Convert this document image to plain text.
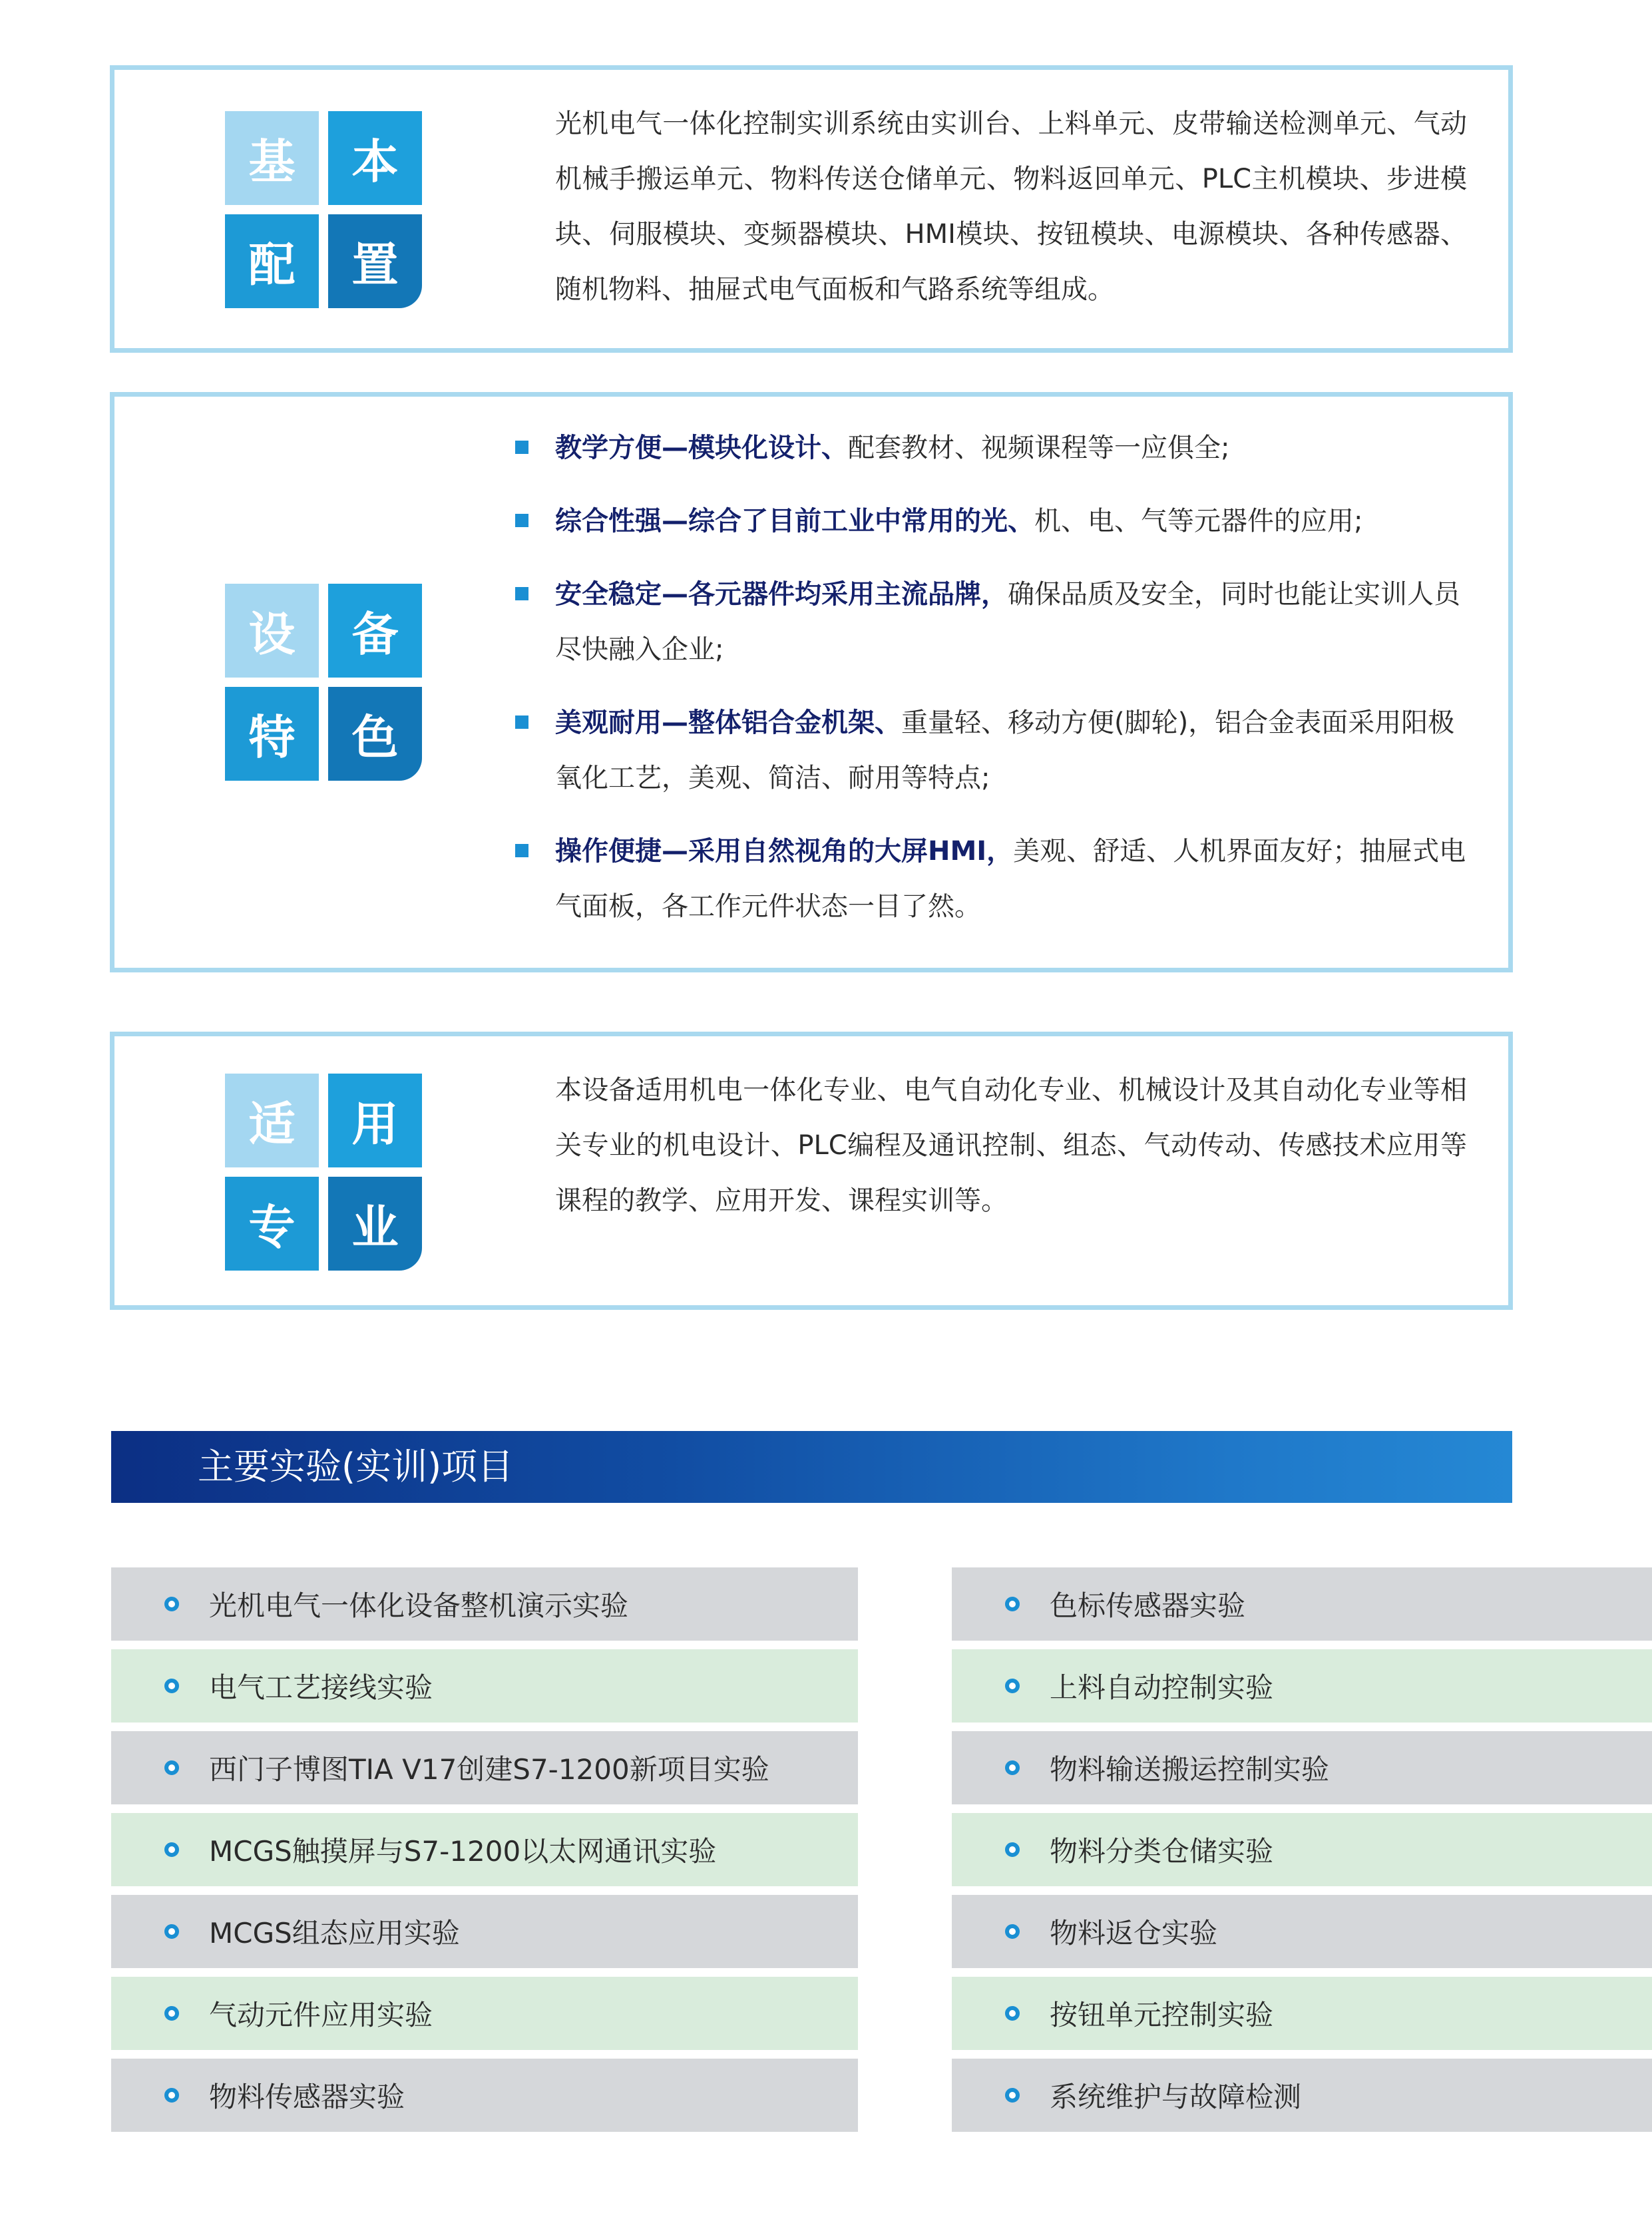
基	本
配	置
光机电气一体化控制实训系统由实训台、上料单元、皮带输送检测单元、气动机械手搬运单元、物料传送仓储单元、物料返回单元、PLC主机模块、步进模块、伺服模块、变频器模块、HMI模块、按钮模块、电源模块、各种传感器、随机物料、抽屉式电气面板和气路系统等组成。
设	备
特	色
教学方便—模块化设计、配套教材、视频课程等一应俱全;
综合性强—综合了目前工业中常用的光、机、电、气等元器件的应用;
安全稳定—各元器件均采用主流品牌，确保品质及安全，同时也能让实训人员尽快融入企业;
美观耐用—整体铝合金机架、重量轻、移动方便(脚轮)，铝合金表面采用阳极氧化工艺，美观、简洁、耐用等特点;
操作便捷—采用自然视角的大屏HMI，美观、舒适、人机界面友好；抽屉式电气面板，各工作元件状态一目了然。
适	用
专	业
本设备适用机电一体化专业、电气自动化专业、机械设计及其自动化专业等相关专业的机电设计、PLC编程及通讯控制、组态、气动传动、传感技术应用等课程的教学、应用开发、课程实训等。
主要实验(实训)项目
光机电气一体化设备整机演示实验
电气工艺接线实验
西门子博图TIA V17创建S7-1200新项目实验
MCGS触摸屏与S7-1200以太网通讯实验
MCGS组态应用实验
气动元件应用实验
物料传感器实验
色标传感器实验
上料自动控制实验
物料输送搬运控制实验
物料分类仓储实验
物料返仓实验
按钮单元控制实验
系统维护与故障检测
